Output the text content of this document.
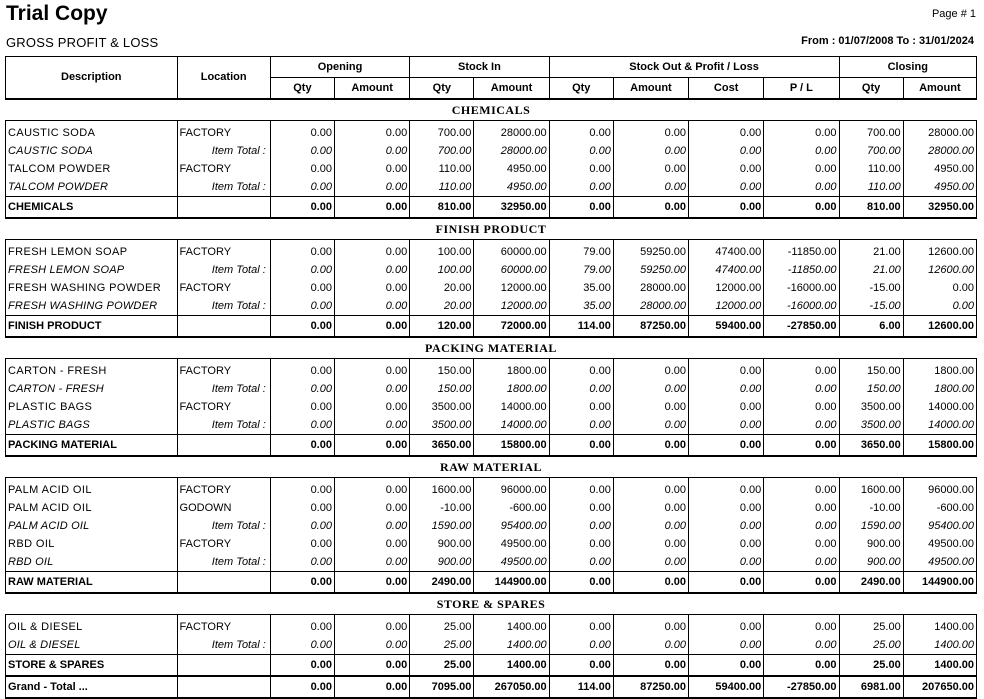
Trial Copy	Page # 1
GROSS PROFIT & LOSS	From : 01/07/2008 To : 31/01/2024
Description	Location	Opening		Stock In		Stock Out & Profit / Loss				Closing	
		Qty	Amount	Qty	Amount	Qty	Amount	Cost	P / L	Qty	Amount
CHEMICALS											

CAUSTIC SODA	FACTORY	0.00	0.00	700.00	28000.00	0.00	0.00	0.00	0.00	700.00	28000.00
CAUSTIC SODA	Item Total :	0.00	0.00	700.00	28000.00	0.00	0.00	0.00	0.00	700.00	28000.00
TALCOM POWDER	FACTORY	0.00	0.00	110.00	4950.00	0.00	0.00	0.00	0.00	110.00	4950.00
TALCOM POWDER	Item Total :	0.00	0.00	110.00	4950.00	0.00	0.00	0.00	0.00	110.00	4950.00
CHEMICALS		0.00	0.00	810.00	32950.00	0.00	0.00	0.00	0.00	810.00	32950.00
FINISH PRODUCT											

FRESH LEMON SOAP	FACTORY	0.00	0.00	100.00	60000.00	79.00	59250.00	47400.00	-11850.00	21.00	12600.00
FRESH LEMON SOAP	Item Total :	0.00	0.00	100.00	60000.00	79.00	59250.00	47400.00	-11850.00	21.00	12600.00
FRESH WASHING POWDER	FACTORY	0.00	0.00	20.00	12000.00	35.00	28000.00	12000.00	-16000.00	-15.00	0.00
FRESH WASHING POWDER	Item Total :	0.00	0.00	20.00	12000.00	35.00	28000.00	12000.00	-16000.00	-15.00	0.00
FINISH PRODUCT		0.00	0.00	120.00	72000.00	114.00	87250.00	59400.00	-27850.00	6.00	12600.00
PACKING MATERIAL											

CARTON - FRESH	FACTORY	0.00	0.00	150.00	1800.00	0.00	0.00	0.00	0.00	150.00	1800.00
CARTON - FRESH	Item Total :	0.00	0.00	150.00	1800.00	0.00	0.00	0.00	0.00	150.00	1800.00
PLASTIC BAGS	FACTORY	0.00	0.00	3500.00	14000.00	0.00	0.00	0.00	0.00	3500.00	14000.00
PLASTIC BAGS	Item Total :	0.00	0.00	3500.00	14000.00	0.00	0.00	0.00	0.00	3500.00	14000.00
PACKING MATERIAL		0.00	0.00	3650.00	15800.00	0.00	0.00	0.00	0.00	3650.00	15800.00
RAW MATERIAL											

PALM ACID OIL	FACTORY	0.00	0.00	1600.00	96000.00	0.00	0.00	0.00	0.00	1600.00	96000.00
PALM ACID OIL	GODOWN	0.00	0.00	-10.00	-600.00	0.00	0.00	0.00	0.00	-10.00	-600.00
PALM ACID OIL	Item Total :	0.00	0.00	1590.00	95400.00	0.00	0.00	0.00	0.00	1590.00	95400.00
RBD OIL	FACTORY	0.00	0.00	900.00	49500.00	0.00	0.00	0.00	0.00	900.00	49500.00
RBD OIL	Item Total :	0.00	0.00	900.00	49500.00	0.00	0.00	0.00	0.00	900.00	49500.00
RAW MATERIAL		0.00	0.00	2490.00	144900.00	0.00	0.00	0.00	0.00	2490.00	144900.00
STORE & SPARES											

OIL & DIESEL	FACTORY	0.00	0.00	25.00	1400.00	0.00	0.00	0.00	0.00	25.00	1400.00
OIL & DIESEL	Item Total :	0.00	0.00	25.00	1400.00	0.00	0.00	0.00	0.00	25.00	1400.00
STORE & SPARES		0.00	0.00	25.00	1400.00	0.00	0.00	0.00	0.00	25.00	1400.00
Grand - Total ...		0.00	0.00	7095.00	267050.00	114.00	87250.00	59400.00	-27850.00	6981.00	207650.00
